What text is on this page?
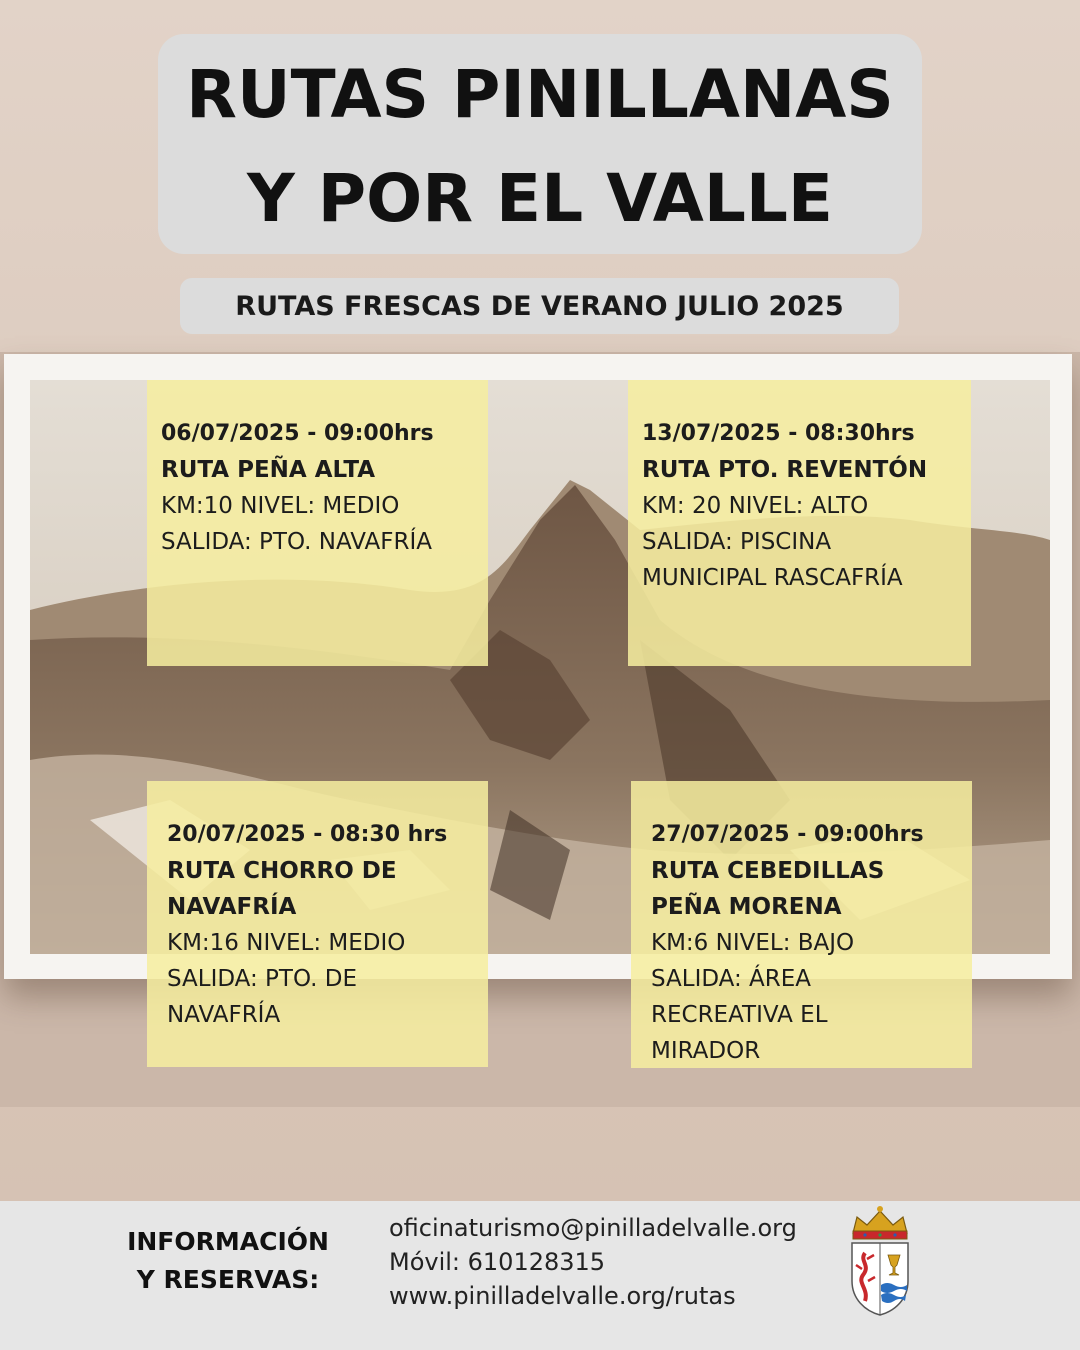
RUTAS PINILLANAS
Y POR EL VALLE
RUTAS FRESCAS DE VERANO JULIO 2025
06/07/2025 - 09:00hrs
RUTA PEÑA ALTA
KM:10 NIVEL: MEDIO
SALIDA: PTO. NAVAFRÍA
13/07/2025 - 08:30hrs
RUTA PTO. REVENTÓN
KM: 20 NIVEL: ALTO
SALIDA: PISCINA
MUNICIPAL RASCAFRÍA
20/07/2025 - 08:30 hrs
RUTA CHORRO DE
NAVAFRÍA
KM:16 NIVEL: MEDIO
SALIDA: PTO. DE
NAVAFRÍA
27/07/2025 - 09:00hrs
RUTA CEBEDILLAS
PEÑA MORENA
KM:6 NIVEL: BAJO
SALIDA: ÁREA
RECREATIVA EL
MIRADOR
INFORMACIÓN
Y RESERVAS:
oficinaturismo@pinilladelvalle.org
Móvil: 610128315
www.pinilladelvalle.org/rutas
